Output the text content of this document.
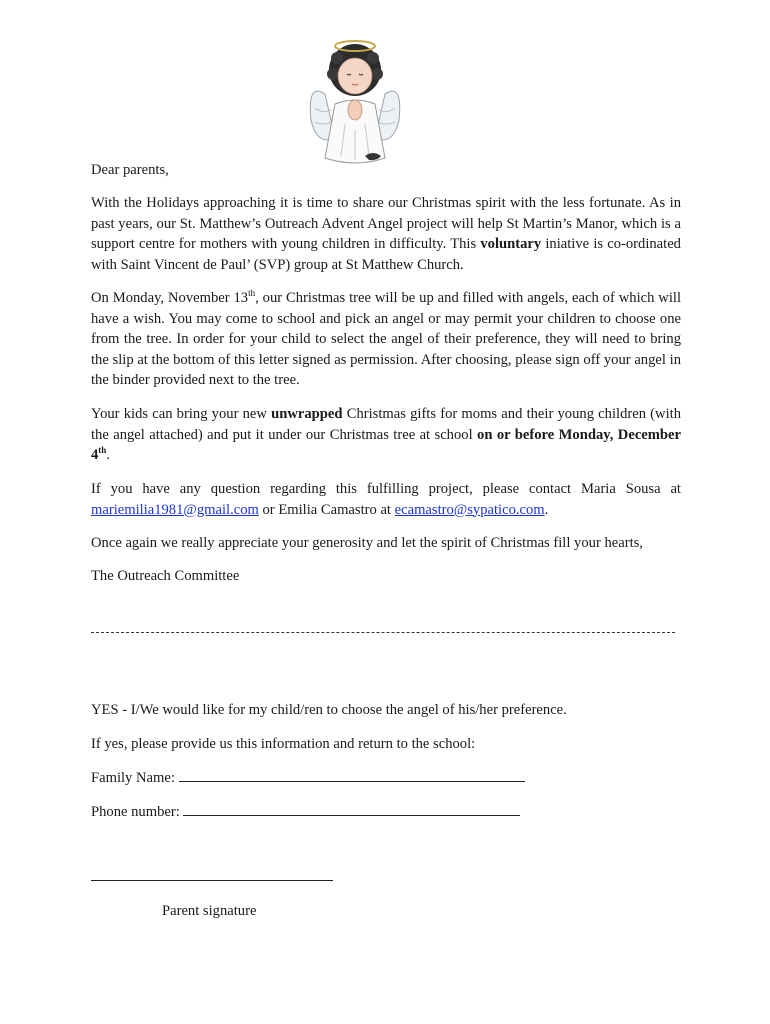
Dear parents,

With the Holidays approaching it is time to share our Christmas spirit with the less fortunate. As in past years, our St. Matthew’s Outreach Advent Angel project will help St Martin’s Manor, which is a support centre for mothers with young children in difficulty. This voluntary iniative is co-ordinated with Saint Vincent de Paul’ (SVP) group at St Matthew Church.

On Monday, November 13th, our Christmas tree will be up and filled with angels, each of which will have a wish. You may come to school and pick an angel or may permit your children to choose one from the tree. In order for your child to select the angel of their preference, they will need to bring the slip at the bottom of this letter signed as permission. After choosing, please sign off your angel in the binder provided next to the tree.

Your kids can bring your new unwrapped Christmas gifts for moms and their young children (with the angel attached) and put it under our Christmas tree at school on or before Monday, December 4th.

If you have any question regarding this fulfilling project, please contact Maria Sousa at mariemilia1981@gmail.com or Emilia Camastro at ecamastro@sypatico.com.

Once again we really appreciate your generosity and let the spirit of Christmas fill your hearts,

The Outreach Committee

YES - I/We would like for my child/ren to choose the angel of his/her preference.

If yes, please provide us this information and return to the school:

Family Name:

Phone number:

Parent signature
